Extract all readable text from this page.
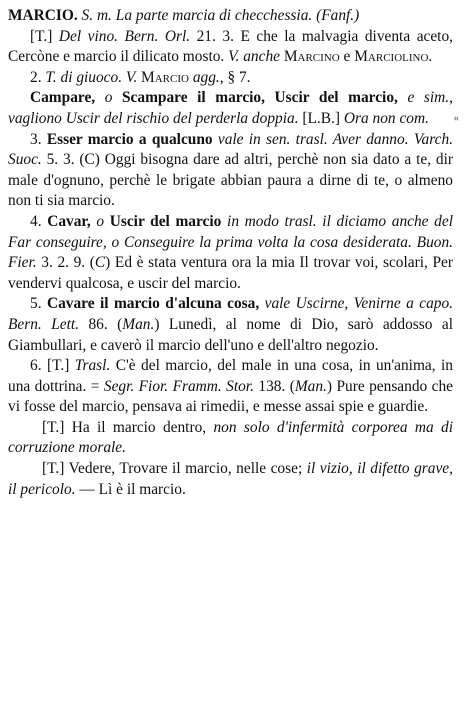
MARCIO. S. m. La parte marcia di checchessia. (Fanf.)

[T.] Del vino. Bern. Orl. 21. 3. E che la malvagia diventa aceto, Cercòne e marcio il dilicato mosto. V. anche Marcino e Marciolino.

2. T. di giuoco. V. Marcio agg., § 7.

Campare, o Scampare il marcio, Uscir del marcio, e sim., vagliono Uscir del rischio del perderla doppia. [L.B.] Ora non com.

3. Esser marcio a qualcuno vale in sen. trasl. Aver danno. Varch. Suoc. 5. 3. (C) Oggi bisogna dare ad altri, perchè non sia dato a te, dir male d'ognuno, perchè le brigate abbian paura a dirne di te, o almeno non ti sia marcio.

4. Cavar, o Uscir del marcio in modo trasl. il diciamo anche del Far conseguire, o Conseguire la prima volta la cosa desiderata. Buon. Fier. 3. 2. 9. (C) Ed è stata ventura ora la mia Il trovar voi, scolari, Per vendervi qualcosa, e uscir del marcio.

5. Cavare il marcio d'alcuna cosa, vale Uscirne, Venirne a capo. Bern. Lett. 86. (Man.) Lunedì, al nome di Dio, sarò addosso al Giambullari, e caverò il marcio dell'uno e dell'altro negozio.

6. [T.] Trasl. C'è del marcio, del male in una cosa, in un'anima, in una dottrina. = Segr. Fior. Framm. Stor. 138. (Man.) Pure pensando che vi fosse del marcio, pensava ai rimedii, e messe assai spie e guardie.

[T.] Ha il marcio dentro, non solo d'infermità corporea ma di corruzione morale.

[T.] Vedere, Trovare il marcio, nelle cose; il vizio, il difetto grave, il pericolo. — Lì è il marcio.

«
